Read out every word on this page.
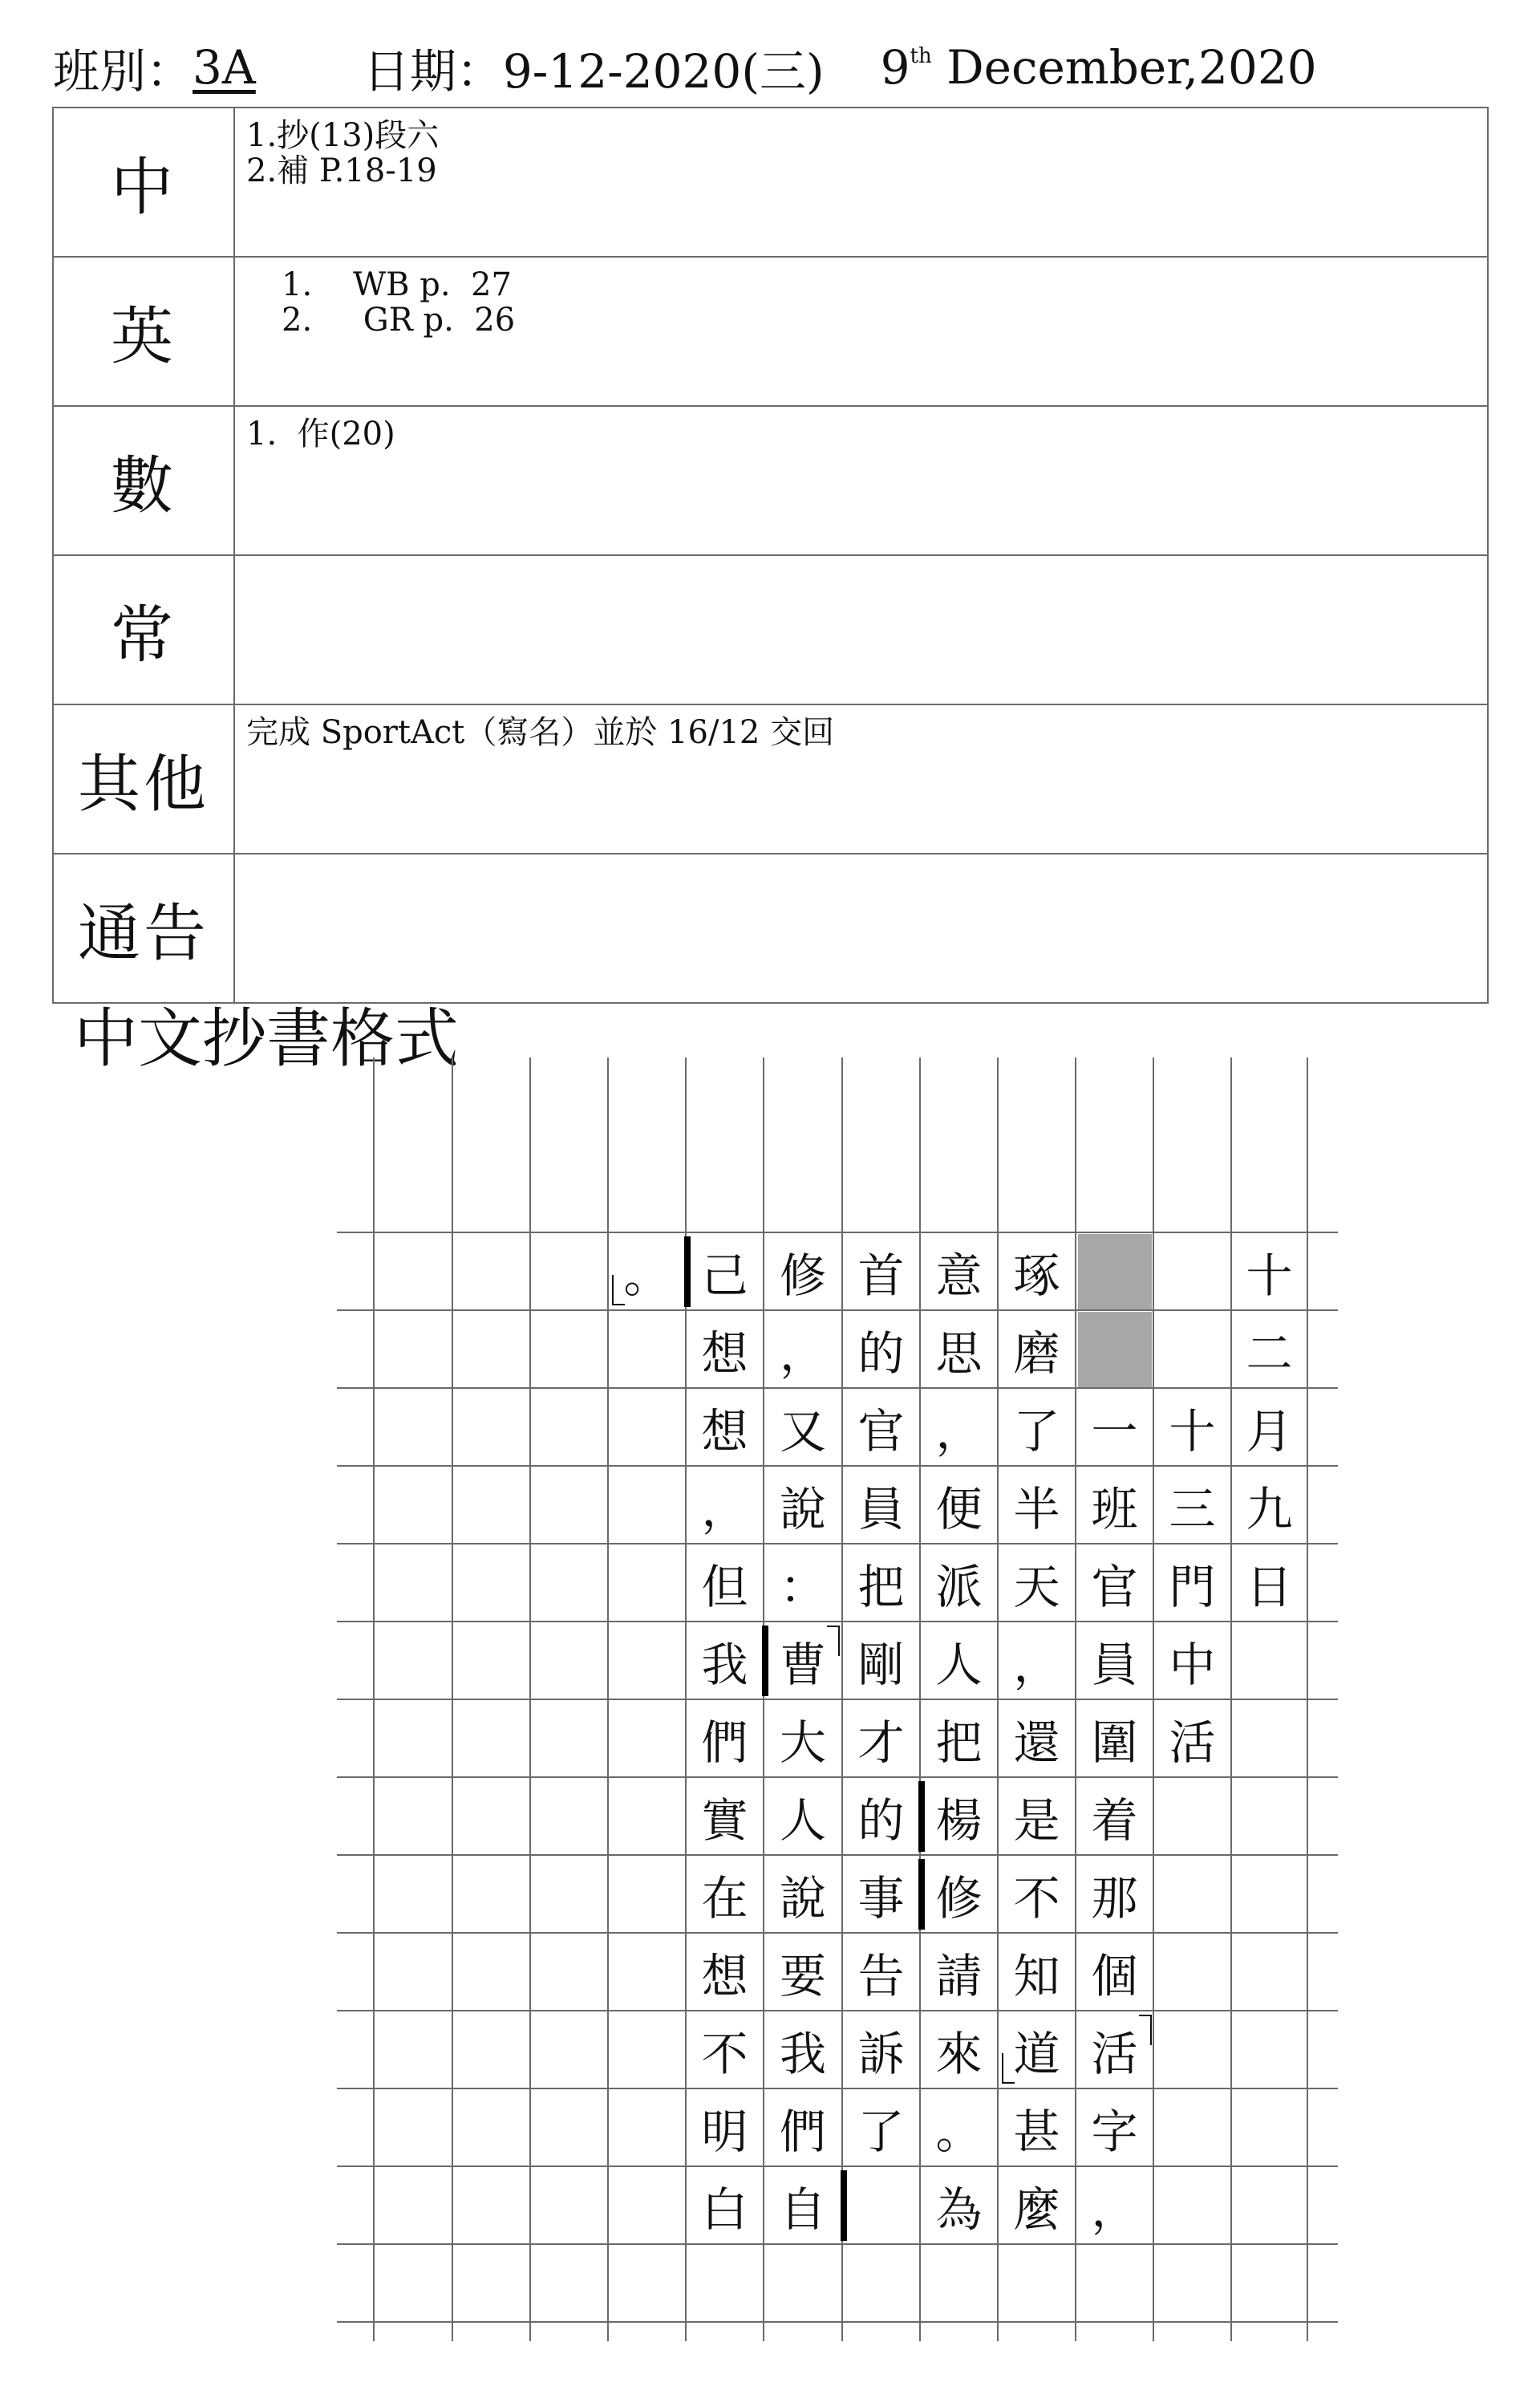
班別： 3A 日期： 9-12-2020(三) 9th December,2020
中	1.抄(13)段六
2.補 P.18-19

英	1.    WB p.  27
2.     GR p.  26

數	1.  作(20)

常	
其他	完成 SportAct（寫名）並於 16/12 交回

通告	
中文抄書格式
十
二
月
九
日
十
三
門
中
活
一
班
官
員
圍
着
那
個
活
字
，
琢
磨
了
半
天
，
還
是
不
知
道
甚
麼
意
思
，
便
派
人
把
楊
修
請
來
。
為
首
的
官
員
把
剛
才
的
事
告
訴
了
修
，
又
說
：
曹
大
人
說
要
我
們
自
己
想
想
，
但
我
們
實
在
想
不
明
白
。
